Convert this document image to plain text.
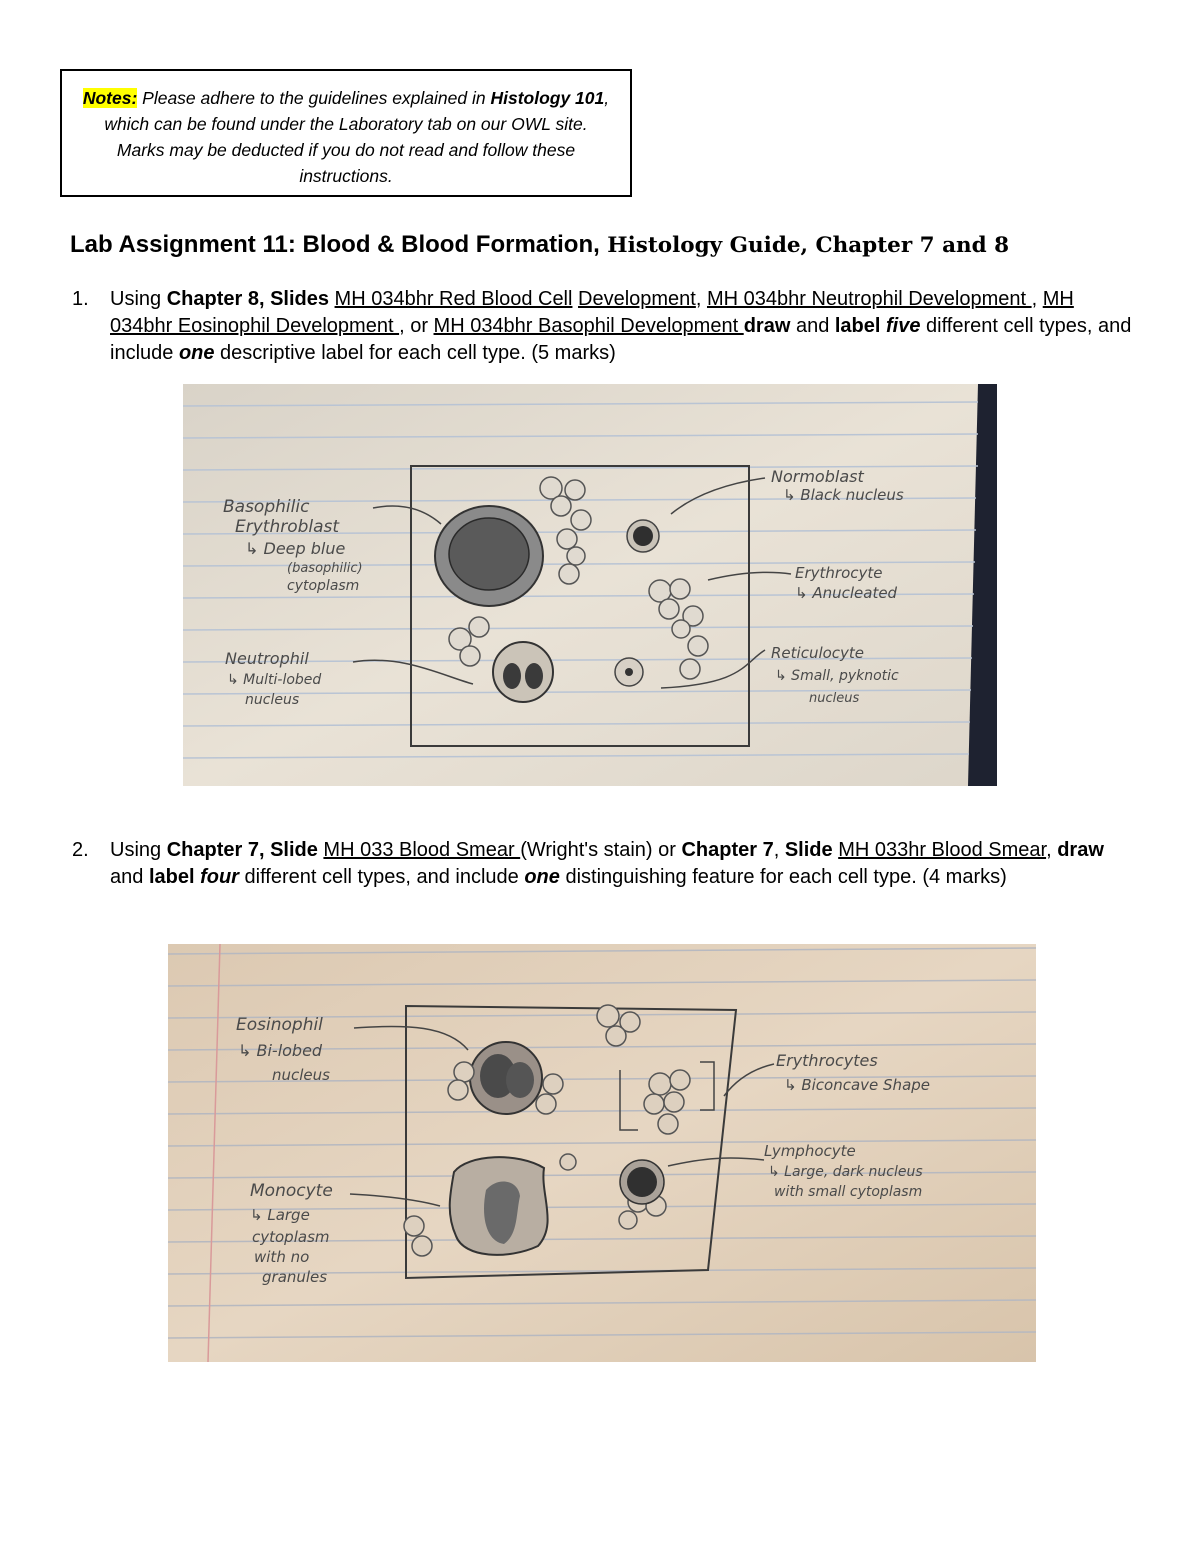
Notes: Please adhere to the guidelines explained in Histology 101, which can be found under the Laboratory tab on our OWL site. Marks may be deducted if you do not read and follow these instructions.
Lab Assignment 11: Blood & Blood Formation, Histology Guide, Chapter 7 and 8
1. Using Chapter 8, Slides MH 034bhr Red Blood Cell Development, MH 034bhr Neutrophil Development , MH 034bhr Eosinophil Development , or MH 034bhr Basophil Development draw and label five different cell types, and include one descriptive label for each cell type. (5 marks)
Basophilic
Erythroblast
↳ Deep blue
(basophilic)
cytoplasm
Normoblast
↳ Black nucleus
Erythrocyte
↳ Anucleated
Neutrophil
↳ Multi-lobed
nucleus
Reticulocyte
↳ Small, pyknotic
nucleus
2. Using Chapter 7, Slide MH 033 Blood Smear (Wright's stain) or Chapter 7, Slide MH 033hr Blood Smear, draw and label four different cell types, and include one distinguishing feature for each cell type. (4 marks)
Eosinophil
↳ Bi-lobed
nucleus
Erythrocytes
↳ Biconcave Shape
Lymphocyte
↳ Large, dark nucleus
with small cytoplasm
Monocyte
↳ Large
cytoplasm
with no
granules
